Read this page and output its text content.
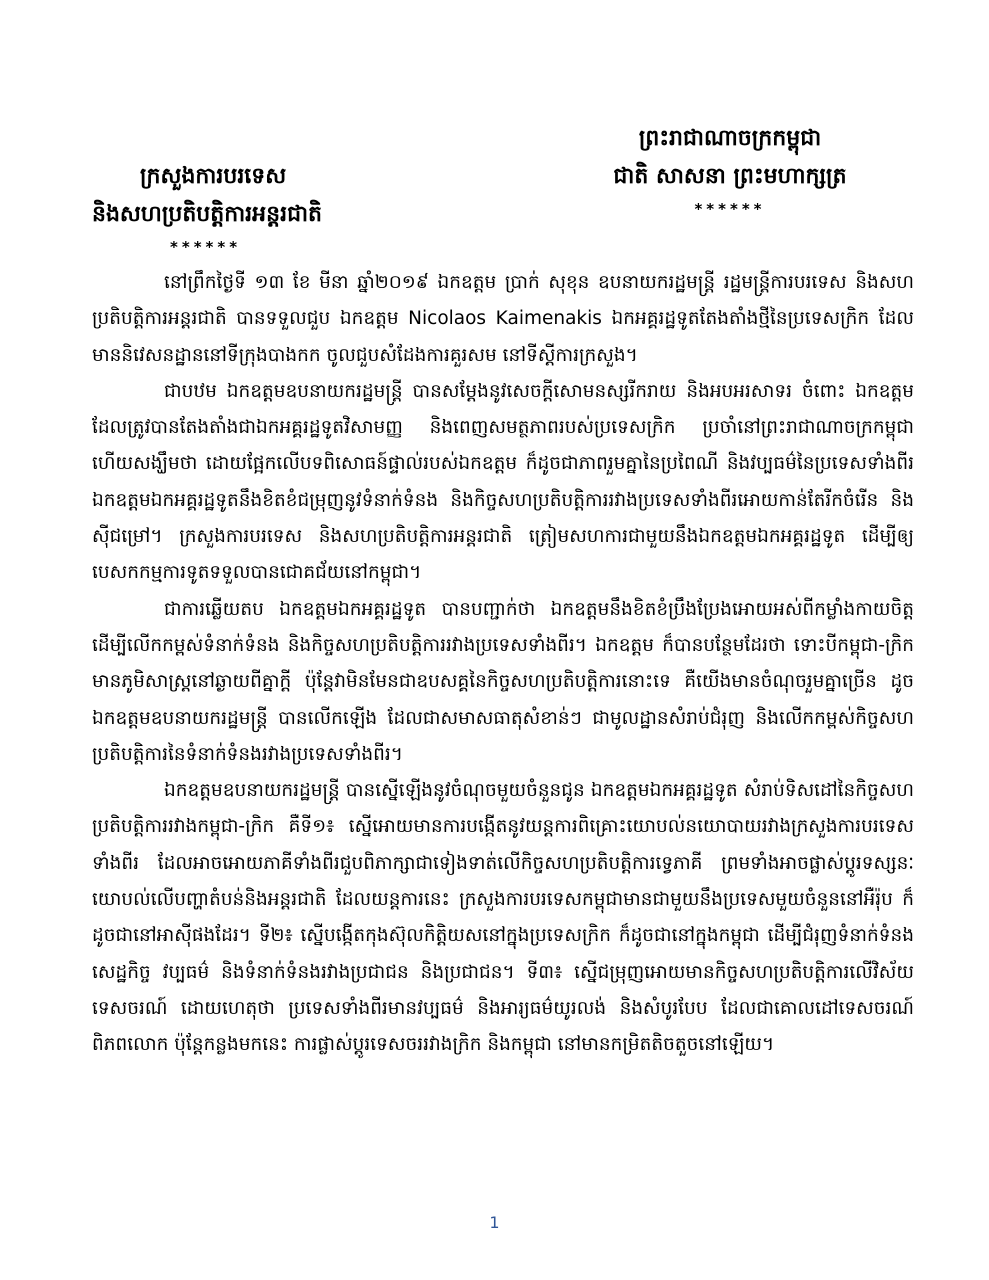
ព្រះរាជាណាចក្រកម្ពុជា
ជាតិ សាសនា ព្រះមហាក្សត្រ
******
ក្រសួងការបរទេស
និងសហប្រតិបត្តិការអន្តរជាតិ
******

នៅព្រឹកថ្ងៃទី ១៣ ខែ មីនា ឆ្នាំ២០១៩ ឯកឧត្តម ប្រាក់ សុខុន ឧបនាយករដ្ឋមន្ត្រី រដ្ឋមន្ត្រីការបរទេស និងសហប្រតិបត្តិការអន្តរជាតិ បានទទួលជួប ឯកឧត្តម Nicolaos Kaimenakis ឯកអគ្គរដ្ឋទូតតែងតាំងថ្មីនៃប្រទេសក្រិក ដែលមាននិវេសនដ្ឋាននៅទីក្រុងបាងកក ចូលជួបសំដែងការគួរសម នៅទីស្តីការក្រសួង។

ជាបឋម ឯកឧត្តមឧបនាយករដ្ឋមន្ត្រី បានសម្តែងនូវសេចក្តីសោមនស្សរីករាយ និងអបអរសាទរ ចំពោះ ឯកឧត្តម ដែលត្រូវបានតែងតាំងជាឯកអគ្គរដ្ឋទូតវិសាមញ្ញ និងពេញសមត្ថភាពរបស់ប្រទេសក្រិក ប្រចាំនៅព្រះរាជាណាចក្រកម្ពុជា ហើយសង្ឃឹមថា ដោយផ្អែកលើបទពិសោធន៍ផ្ទាល់របស់ឯកឧត្តម ក៏ដូចជាភាពរួមគ្នានៃប្រពៃណី និងវប្បធម៌នៃប្រទេសទាំងពីរ ឯកឧត្តមឯកអគ្គរដ្ឋទូតនឹងខិតខំជម្រុញនូវទំនាក់ទំនង និងកិច្ចសហប្រតិបត្តិការរវាងប្រទេសទាំងពីរអោយកាន់តែរីកចំរើន និងស៊ីជម្រៅ។ ក្រសួងការបរទេស និងសហប្រតិបត្តិការអន្តរជាតិ ត្រៀមសហការជាមួយនឹងឯកឧត្តមឯកអគ្គរដ្ឋទូត ដើម្បីឲ្យបេសកកម្មការទូតទទួលបានជោគជ័យនៅកម្ពុជា។

ជាការឆ្លើយតប ឯកឧត្តមឯកអគ្គរដ្ឋទូត បានបញ្ជាក់ថា ឯកឧត្តមនឹងខិតខំប្រឹងប្រែងអោយអស់ពីកម្លាំងកាយចិត្តដើម្បីលើកកម្ពស់ទំនាក់ទំនង និងកិច្ចសហប្រតិបត្តិការរវាងប្រទេសទាំងពីរ។ ឯកឧត្តម ក៏បានបន្ថែមដែរថា ទោះបីកម្ពុជា-ក្រិក មានភូមិសាស្ត្រនៅឆ្ងាយពីគ្នាក្តី ប៉ុន្តែវាមិនមែនជាឧបសគ្គនៃកិច្ចសហប្រតិបត្តិការនោះទេ គឺយើងមានចំណុចរួមគ្នាច្រើន ដូចឯកឧត្តមឧបនាយករដ្ឋមន្ត្រី បានលើកឡើង ដែលជាសមាសធាតុសំខាន់ៗ ជាមូលដ្ឋានសំរាប់ជំរុញ និងលើកកម្ពស់កិច្ចសហប្រតិបត្តិការនៃទំនាក់ទំនងរវាងប្រទេសទាំងពីរ។

ឯកឧត្តមឧបនាយករដ្ឋមន្ត្រី បានស្នើឡើងនូវចំណុចមួយចំនួនជូន ឯកឧត្តមឯកអគ្គរដ្ឋទូត សំរាប់ទិសដៅនៃកិច្ចសហប្រតិបត្តិការរវាងកម្ពុជា-ក្រិក គឺទី១៖ ស្នើអោយមានការបង្កើតនូវយន្តការពិគ្រោះយោបល់នយោបាយរវាងក្រសួងការបរទេសទាំងពីរ ដែលអាចអោយភាគីទាំងពីរជួបពិភាក្សាជាទៀងទាត់លើកិច្ចសហប្រតិបត្តិការទ្វេភាគី ព្រមទាំងអាចផ្លាស់ប្តូរទស្សនៈយោបល់លើបញ្ហាតំបន់និងអន្តរជាតិ ដែលយន្តការនេះ ក្រសួងការបរទេសកម្ពុជាមានជាមួយនឹងប្រទេសមួយចំនួននៅអឺរ៉ុប ក៏ដូចជានៅអាស៊ីផងដែរ។ ទី២៖ ស្នើបង្កើតកុងស៊ុលកិត្តិយសនៅក្នុងប្រទេសក្រិក ក៏ដូចជានៅក្នុងកម្ពុជា ដើម្បីជំរុញទំនាក់ទំនងសេដ្ឋកិច្ច វប្បធម៌ និងទំនាក់ទំនងរវាងប្រជាជន និងប្រជាជន។ ទី៣៖ ស្នើជម្រុញអោយមានកិច្ចសហប្រតិបត្តិការលើវិស័យទេសចរណ៍ ដោយហេតុថា ប្រទេសទាំងពីរមានវប្បធម៌ និងអារ្យធម៌យូរលង់ និងសំបូរបែប ដែលជាគោលដៅទេសចរណ៍ពិភពលោក ប៉ុន្តែកន្លងមកនេះ ការផ្លាស់ប្តូរទេសចររវាងក្រិក និងកម្ពុជា នៅមានកម្រិតតិចតួចនៅឡើយ។

1
